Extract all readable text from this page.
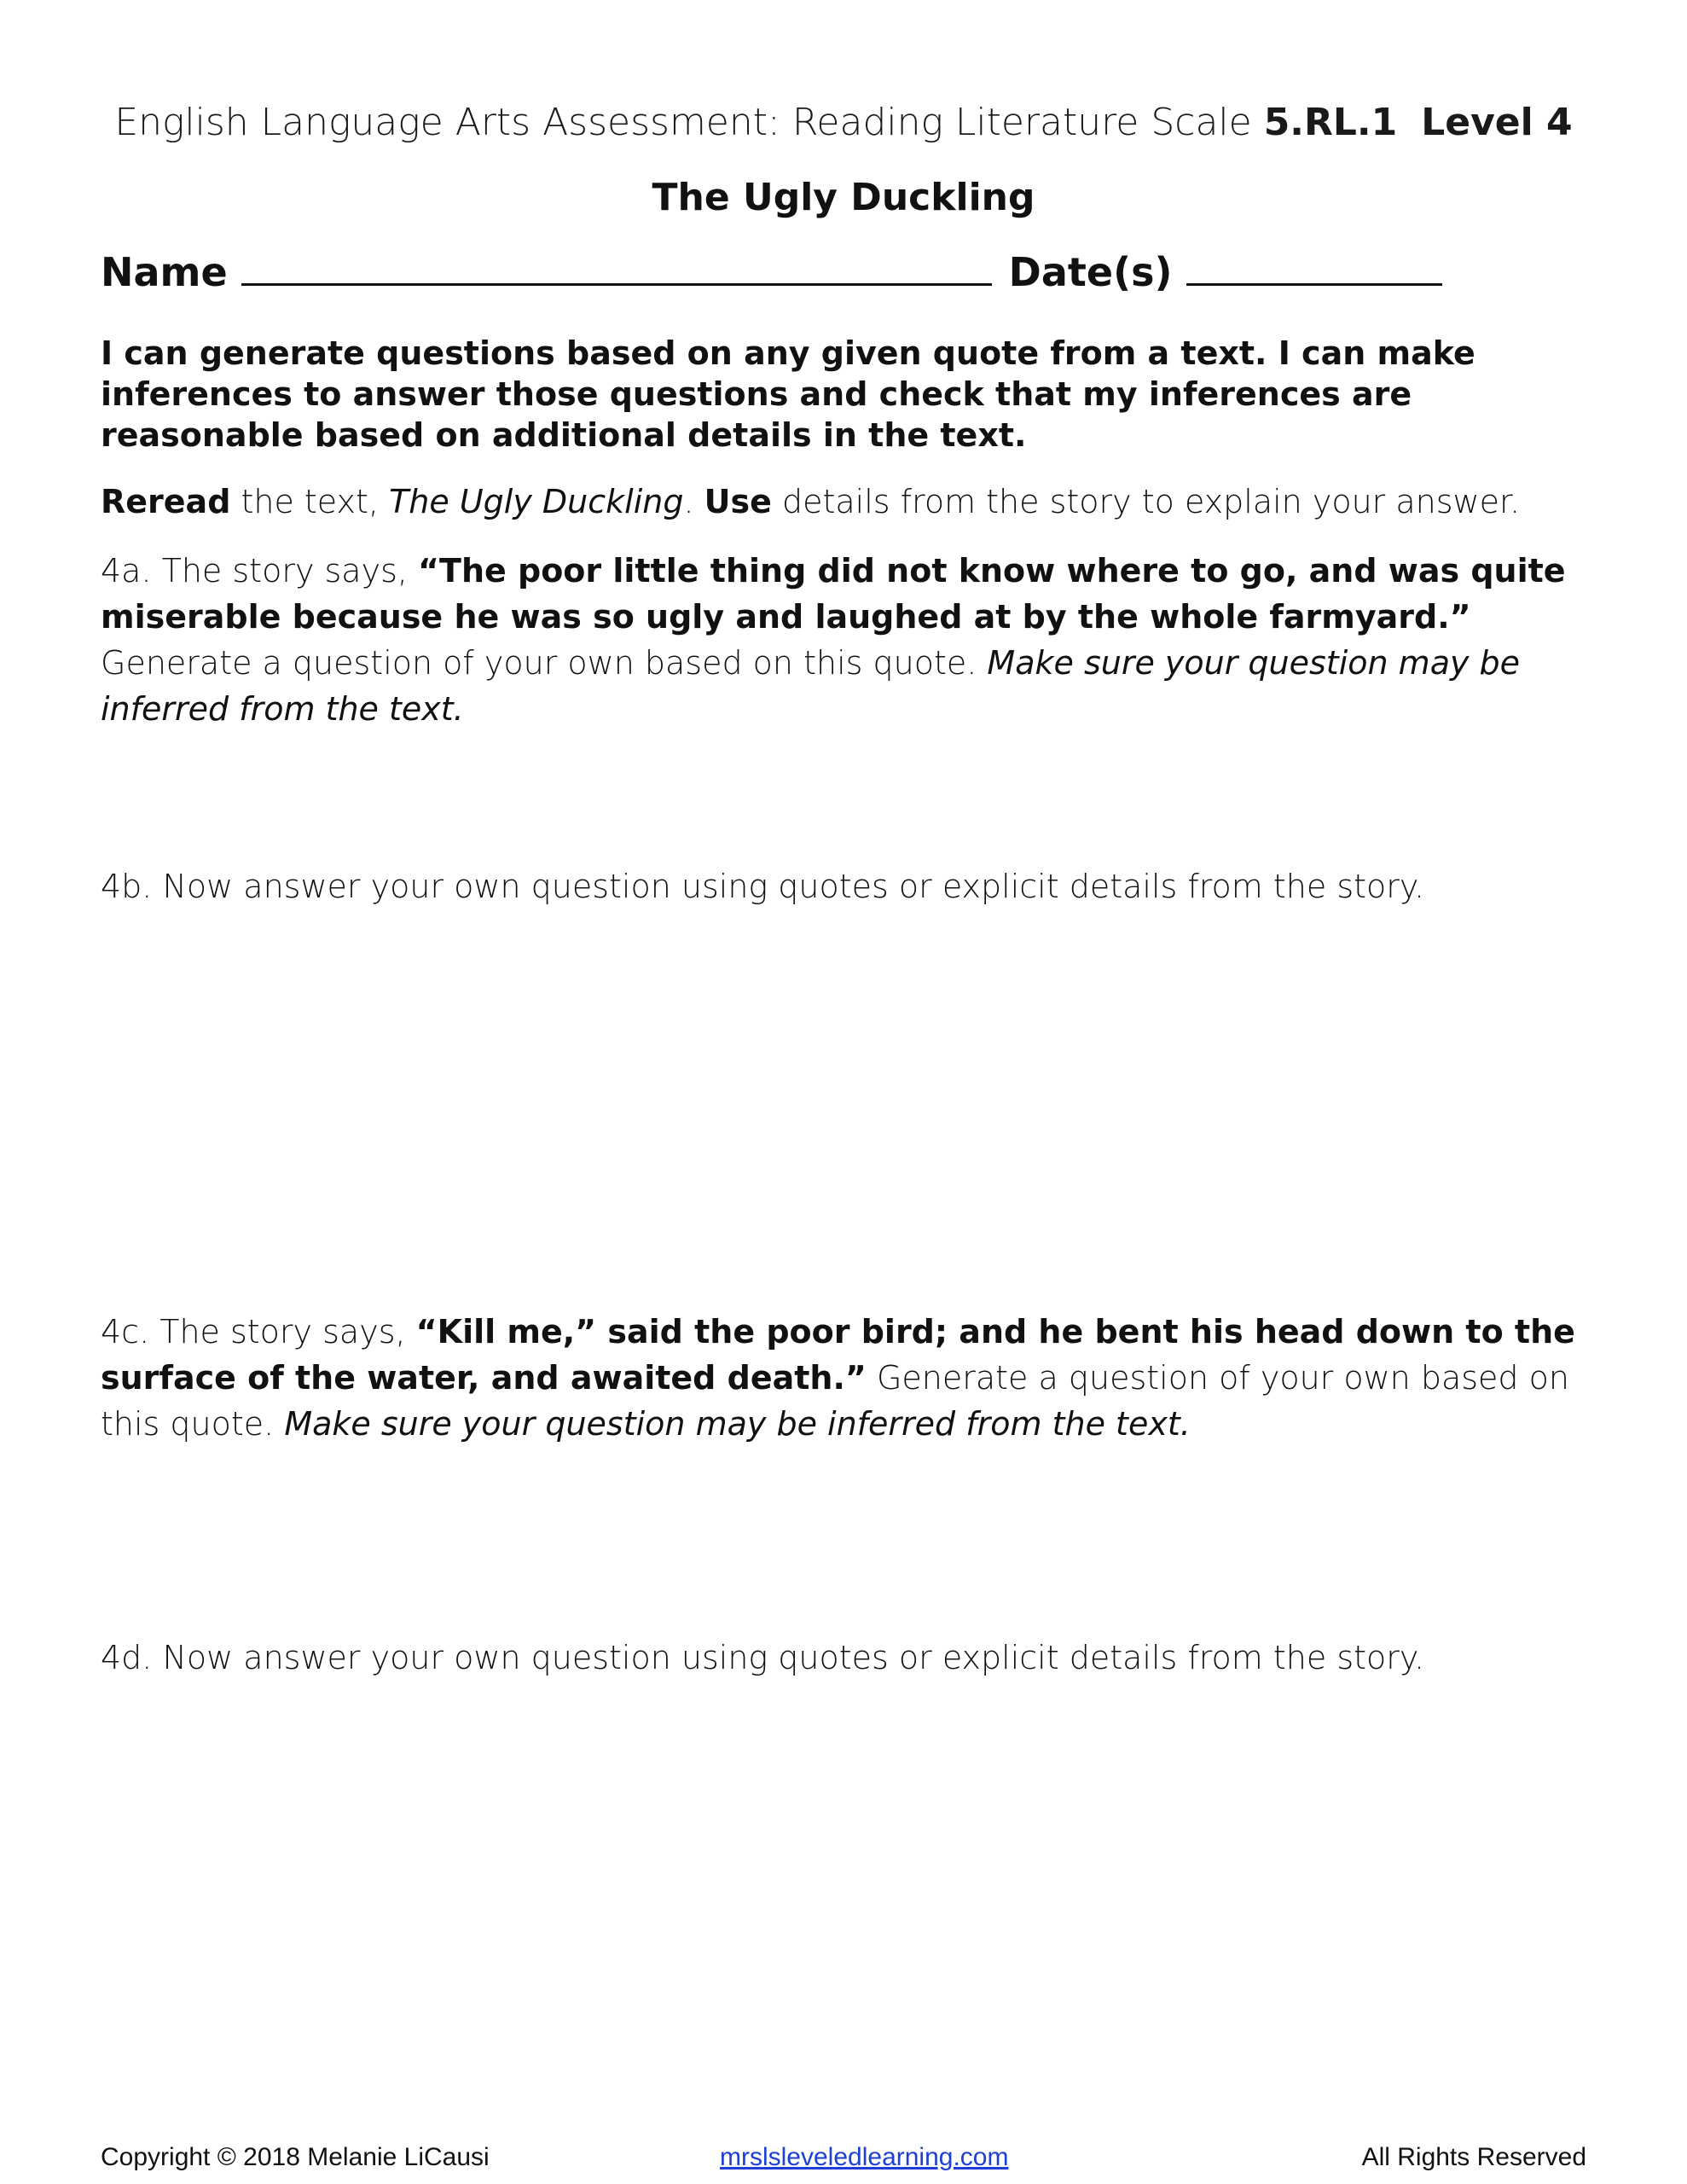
English Language Arts Assessment: Reading Literature Scale 5.RL.1 Level 4
The Ugly Duckling
Name	Date(s)
I can generate questions based on any given quote from a text. I can make inferences to answer those questions and check that my inferences are reasonable based on additional details in the text.
Reread the text, The Ugly Duckling. Use details from the story to explain your answer.
4a. The story says, “The poor little thing did not know where to go, and was quite miserable because he was so ugly and laughed at by the whole farmyard.” Generate a question of your own based on this quote. Make sure your question may be inferred from the text.
4b. Now answer your own question using quotes or explicit details from the story.
4c. The story says, “Kill me,” said the poor bird; and he bent his head down to the surface of the water, and awaited death.” Generate a question of your own based on this quote. Make sure your question may be inferred from the text.
4d. Now answer your own question using quotes or explicit details from the story.
Copyright © 2018 Melanie LiCausi	mrslsleveledlearning.com	All Rights Reserved
